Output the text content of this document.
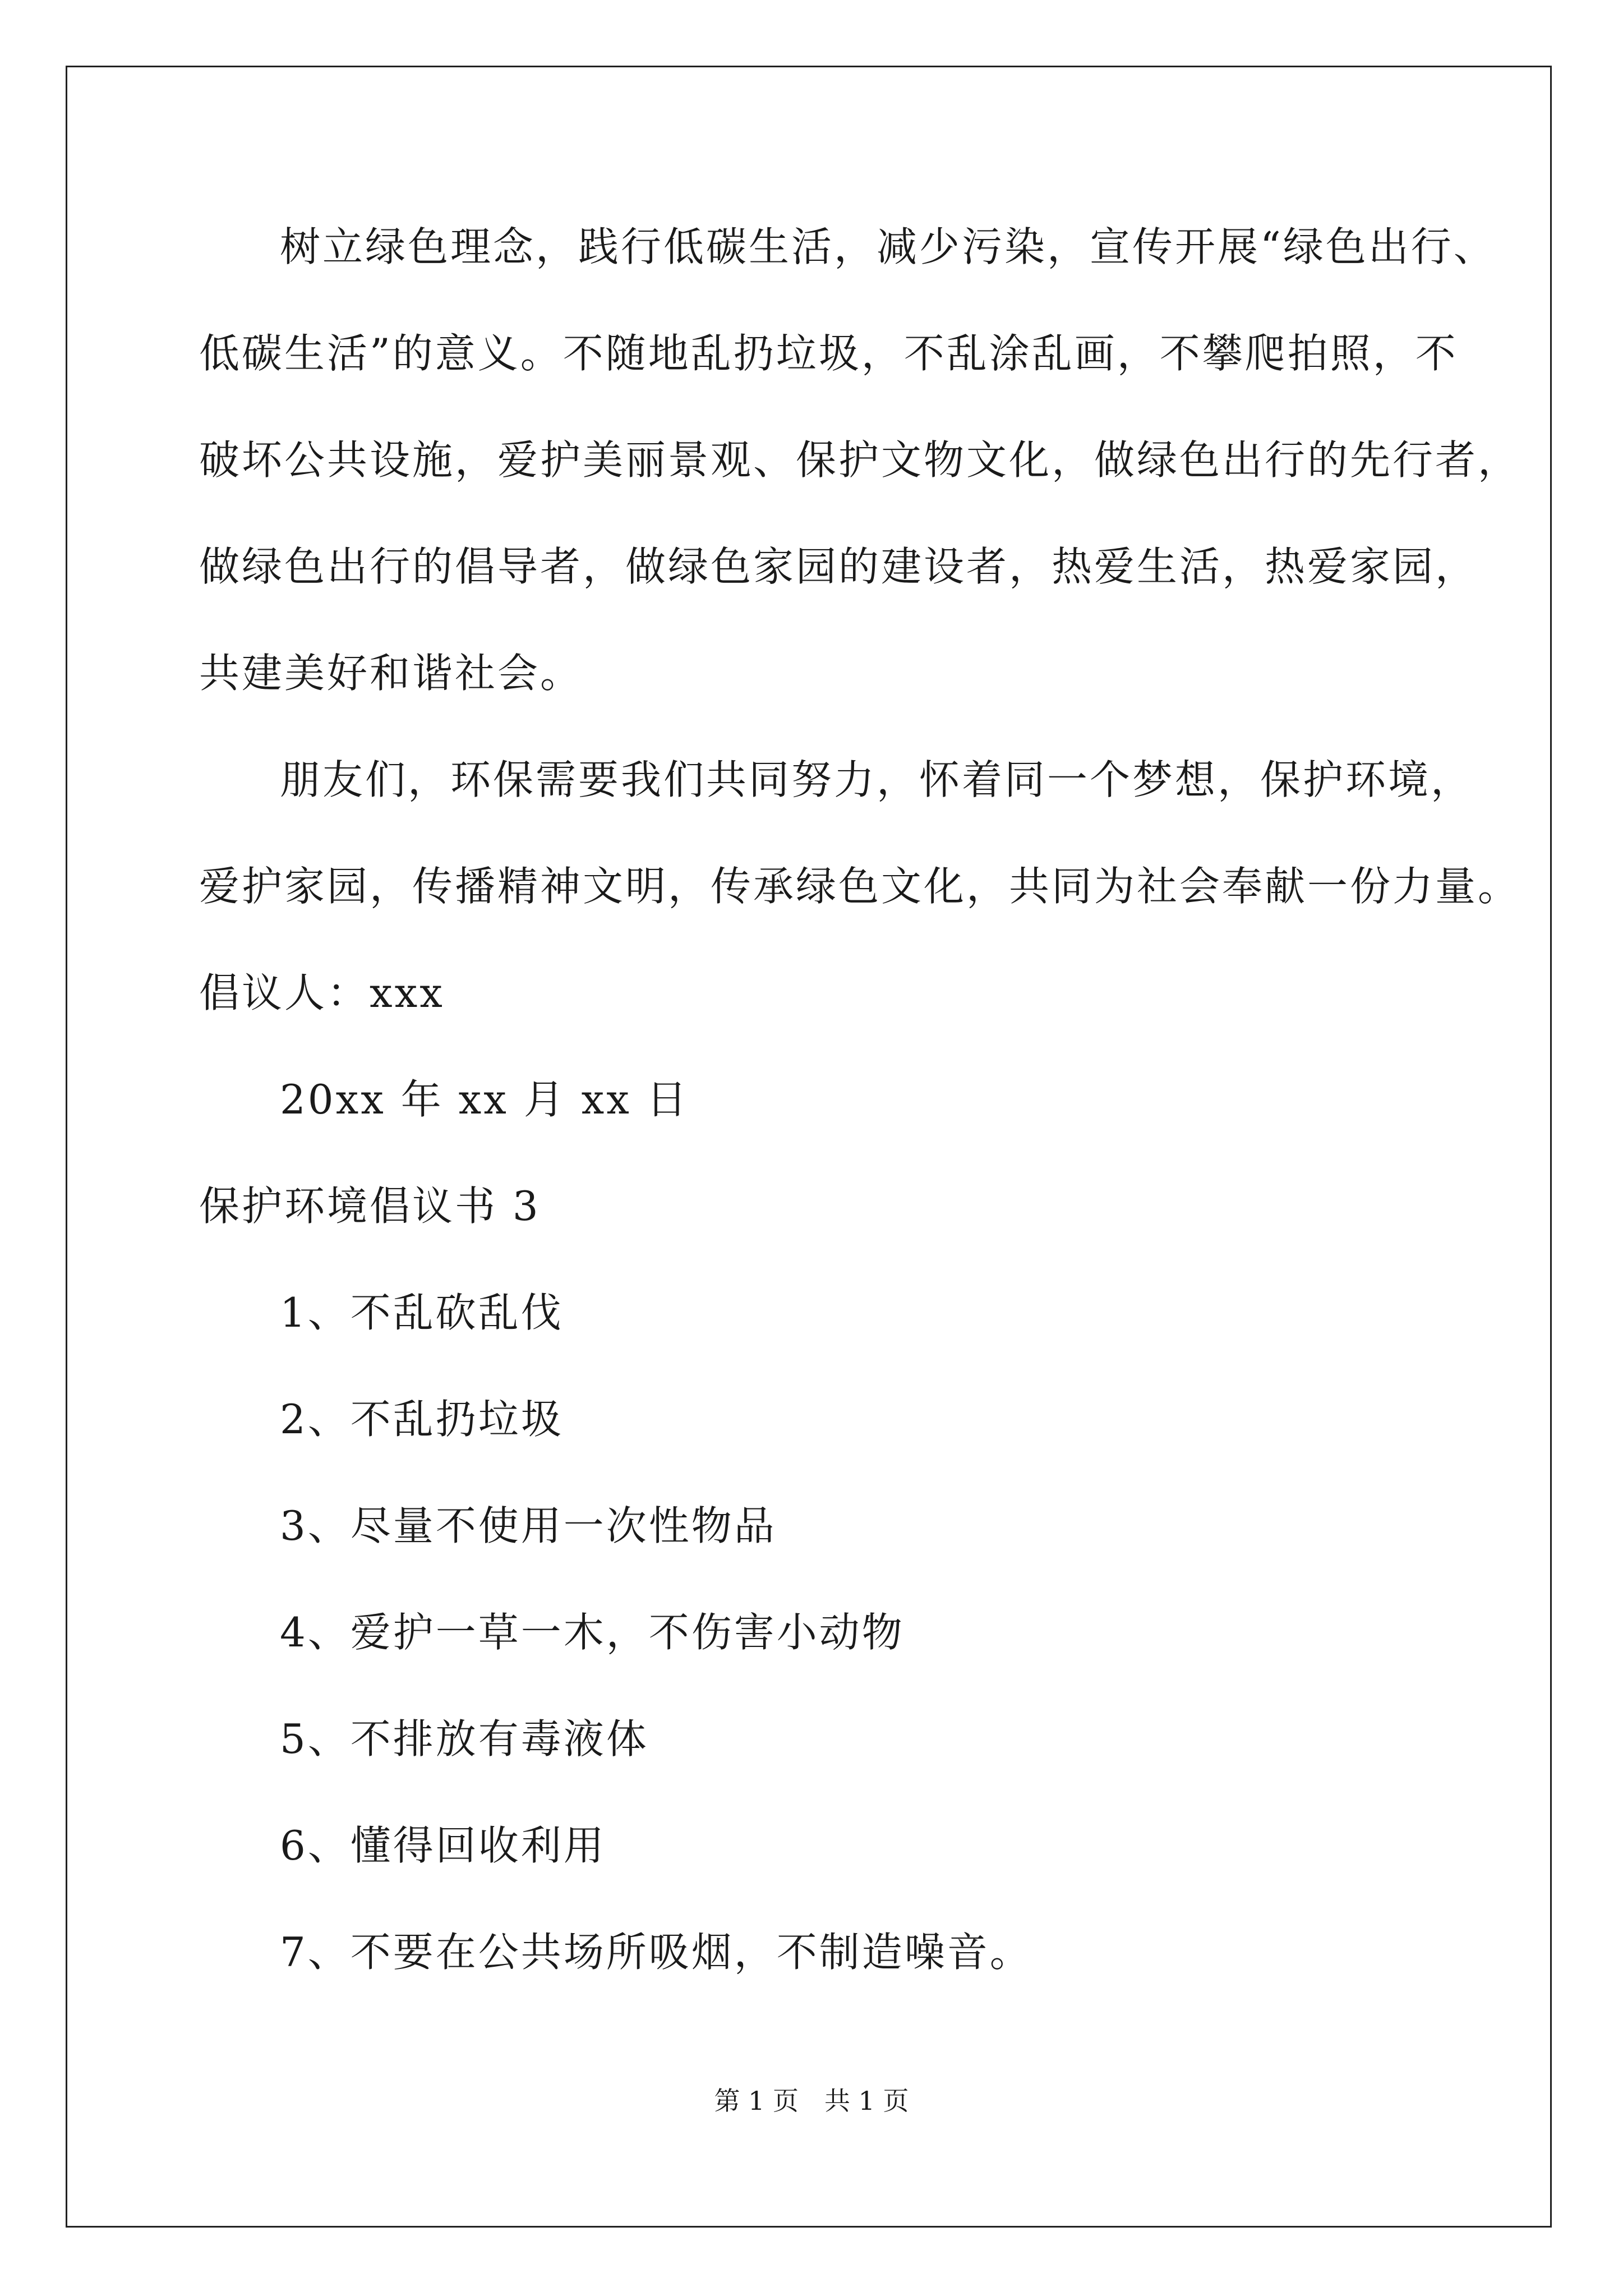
树立绿色理念，践行低碳生活，减少污染，宣传开展“绿色出行、
低碳生活”的意义。不随地乱扔垃圾，不乱涂乱画，不攀爬拍照，不
破坏公共设施，爱护美丽景观、保护文物文化，做绿色出行的先行者，
做绿色出行的倡导者，做绿色家园的建设者，热爱生活，热爱家园，
共建美好和谐社会。
朋友们，环保需要我们共同努力，怀着同一个梦想，保护环境，
爱护家园，传播精神文明，传承绿色文化，共同为社会奉献一份力量。
倡议人：xxx
20xx 年 xx 月 xx 日
保护环境倡议书 3
1、不乱砍乱伐
2、不乱扔垃圾
3、尽量不使用一次性物品
4、爱护一草一木，不伤害小动物
5、不排放有毒液体
6、懂得回收利用
7、不要在公共场所吸烟，不制造噪音。
第 1 页　共 1 页
